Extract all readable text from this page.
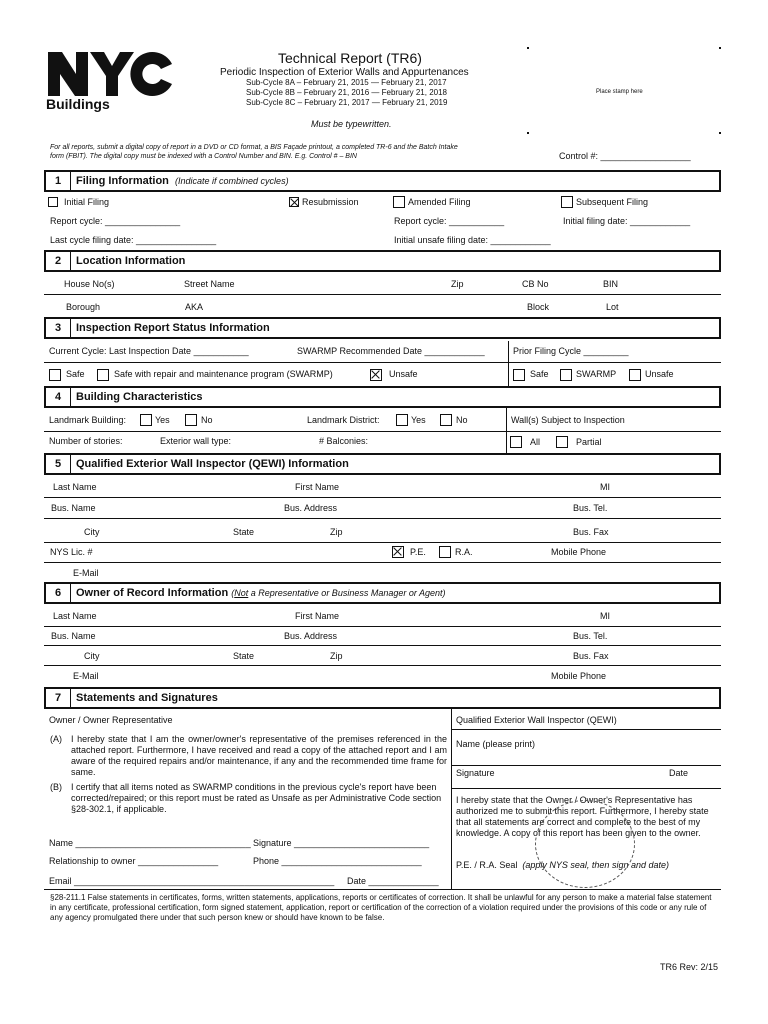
Buildings
Technical Report (TR6)
Periodic Inspection of Exterior Walls and Appurtenances
Sub-Cycle 8A – February 21, 2015 — February 21, 2017
Sub-Cycle 8B – February 21, 2016 — February 21, 2018
Sub-Cycle 8C – February 21, 2017 — February 21, 2019
Place stamp here
Must be typewritten.
For all reports, submit a digital copy of report in a DVD or CD format, a BIS Façade printout, a completed TR-6 and the Batch Intake
form (FBIT). The digital copy must be indexed with a Control Number and BIN. E.g. Control # – BIN	Control #: __________________
1	Filing Information (Indicate if combined cycles)
Initial Filing	Resubmission	Amended Filing	Subsequent Filing
Report cycle: _______________	Report cycle: ___________	Initial filing date: ____________
Last cycle filing date: ________________	Initial unsafe filing date: ____________
2	Location Information
House No(s)	Street Name	Zip	CB No	BIN
Borough	AKA	Block	Lot
3	Inspection Report Status Information
Current Cycle: Last Inspection Date ___________	SWARMP Recommended Date ____________	Prior Filing Cycle _________
Safe	Safe with repair and maintenance program (SWARMP)	Unsafe	Safe	SWARMP	Unsafe
4	Building Characteristics
Landmark Building:	Yes	No	Landmark District:	Yes	No	Wall(s) Subject to Inspection
Number of stories:	Exterior wall type:	# Balconies:	All	Partial
5	Qualified Exterior Wall Inspector (QEWI) Information
Last Name	First Name	MI
Bus. Name	Bus. Address	Bus. Tel.
City	State	Zip	Bus. Fax
NYS Lic. #	P.E.	R.A.	Mobile Phone
E-Mail
6	Owner of Record Information (Not a Representative or Business Manager or Agent)
Last Name	First Name	MI
Bus. Name	Bus. Address	Bus. Tel.
City	State	Zip	Bus. Fax
E-Mail	Mobile Phone
7	Statements and Signatures
Owner / Owner Representative
(A) I hereby state that I am the owner/owner's representative of the premises referenced in the attached report. Furthermore, I have received and read a copy of the attached report and I am aware of the required repairs and/or maintenance, if any and the recommended time frame for same.
(B) I certify that all items noted as SWARMP conditions in the previous cycle's report have been corrected/repaired; or this report must be rated as Unsafe as per Administrative Code section §28-302.1, if applicable.
Name ___________________________________ Signature ___________________________
Relationship to owner ________________	Phone ____________________________
Email ____________________________________________________ Date ______________
Qualified Exterior Wall Inspector (QEWI)
Name (please print)
Signature	Date
I hereby state that the Owner / Owner's Representative has authorized me to submit this report. Furthermore, I hereby state that all statements are correct and complete to the best of my knowledge. A copy of this report has been given to the owner.
P.E. / R.A. Seal (apply NYS seal, then sign and date)
§28-211.1 False statements in certificates, forms, written statements, applications, reports or certificates of correction. It shall be unlawful for any person to make a material false statement in any certificate, professional certification, form signed statement, application, report or certification of the correction of a violation required under the provisions of this code or any rule of any agency promulgated there under that such person knew or should have known to be false.
TR6 Rev: 2/15
